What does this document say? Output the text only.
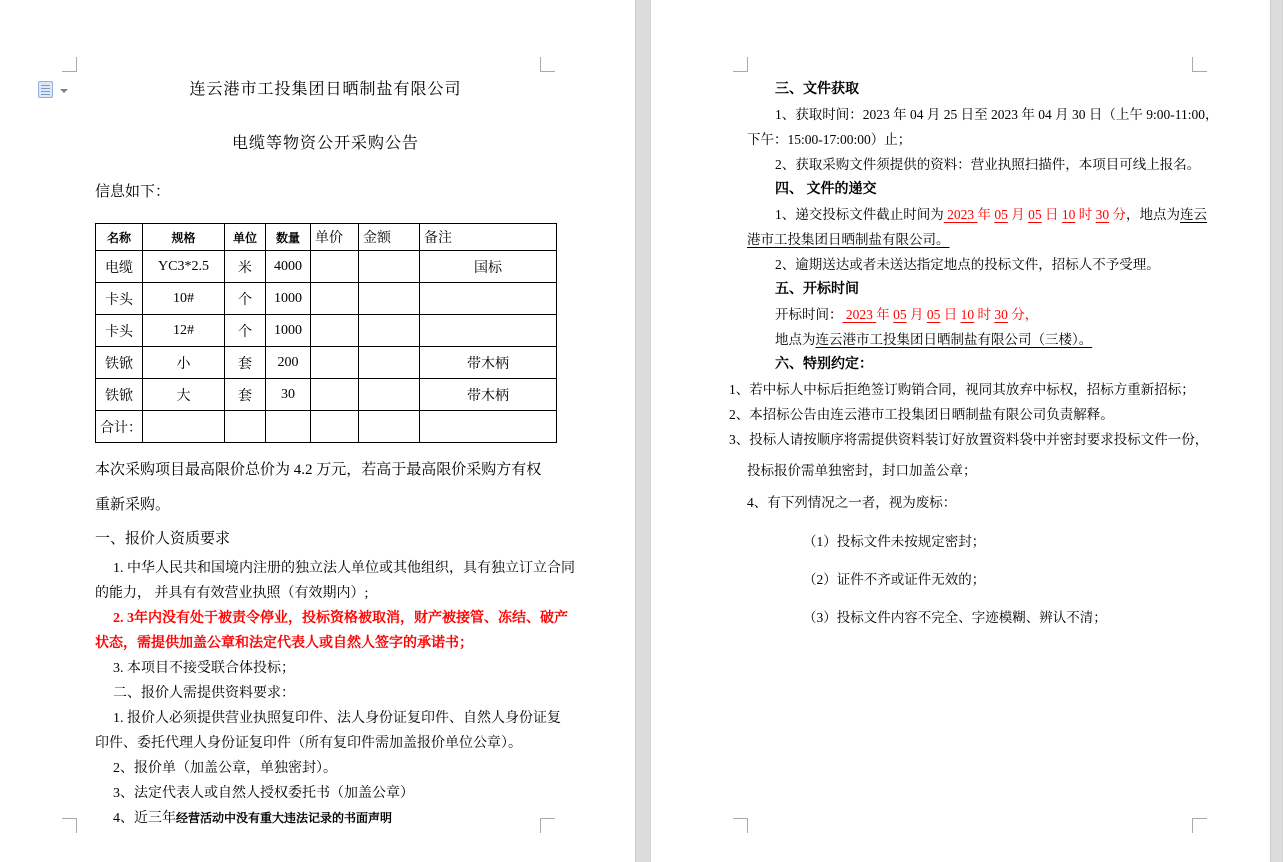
连云港市工投集团日晒制盐有限公司
电缆等物资公开采购公告
信息如下：
名称	规格	单位	数量	单价	金额	备注
电缆	YC3*2.5	米	4000			国标
卡头	10#	个	1000			
卡头	12#	个	1000			
铁锨	小	套	200			带木柄
铁锨	大	套	30			带木柄
合计：						
本次采购项目最高限价总价为 4.2 万元，若高于最高限价采购方有权
重新采购。
一、报价人资质要求
1. 中华人民共和国境内注册的独立法人单位或其他组织，具有独立订立合同
的能力， 并具有有效营业执照（有效期内）;
2. 3年内没有处于被责令停业，投标资格被取消，财产被接管、冻结、破产
状态，需提供加盖公章和法定代表人或自然人签字的承诺书；
3. 本项目不接受联合体投标；
二、报价人需提供资料要求：
1. 报价人必须提供营业执照复印件、法人身份证复印件、自然人身份证复
印件、委托代理人身份证复印件（所有复印件需加盖报价单位公章）。
2、报价单（加盖公章，单独密封）。
3、法定代表人或自然人授权委托书（加盖公章）
4、近三年经营活动中没有重大违法记录的书面声明
三、文件获取
1、获取时间：2023 年 04 月 25 日至 2023 年 04 月 30 日（上午 9:00-11:00，
下午：15:00-17:00:00）止；
2、获取采购文件须提供的资料：营业执照扫描件，本项目可线上报名。
四、 文件的递交
1、递交投标文件截止时间为 2023 年 05 月 05 日 10 时 30 分，地点为连云
港市工投集团日晒制盐有限公司。
2、逾期送达或者未送达指定地点的投标文件，招标人不予受理。
五、开标时间
开标时间： 2023 年 05 月 05 日 10 时 30 分，
地点为连云港市工投集团日晒制盐有限公司（三楼）。
六、特别约定：
1、若中标人中标后拒绝签订购销合同，视同其放弃中标权，招标方重新招标；
2、本招标公告由连云港市工投集团日晒制盐有限公司负责解释。
3、投标人请按顺序将需提供资料装订好放置资料袋中并密封要求投标文件一份，
投标报价需单独密封，封口加盖公章；
4、有下列情况之一者，视为废标：
（1）投标文件未按规定密封；
（2）证件不齐或证件无效的；
（3）投标文件内容不完全、字迹模糊、辨认不清；
